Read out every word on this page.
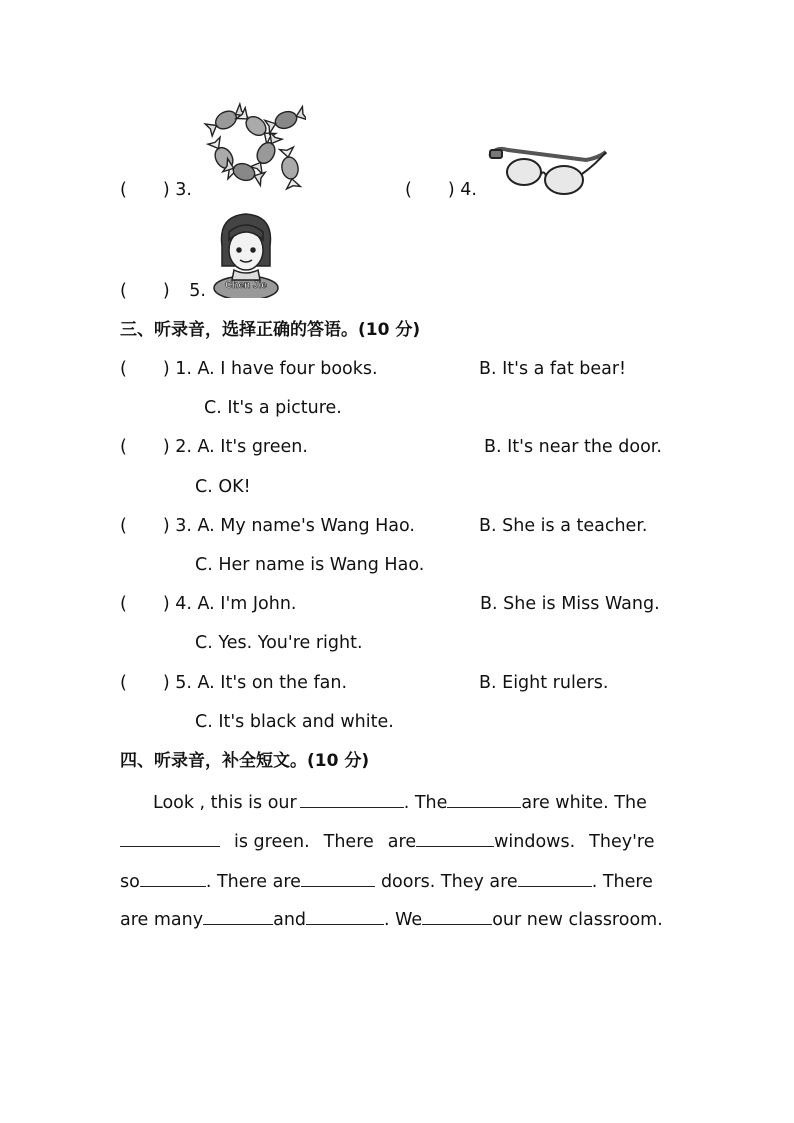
( ) 3.	( ) 4.
( ) 5.	Chen Jie
三、听录音，选择正确的答语。(10 分)
( ) 1. A. I have four books.	B. It's a fat bear!
C. It's a picture.
( ) 2. A. It's green.	B. It's near the door.
C. OK!
( ) 3. A. My name's Wang Hao.	B. She is a teacher.
C. Her name is Wang Hao.
( ) 4. A. I'm John.	B. She is Miss Wang.
C. Yes. You're right.
( ) 5. A. It's on the fan.	B. Eight rulers.
C. It's black and white.
四、听录音，补全短文。(10 分)
Look , this is our	. The	are white. The
is green. There are	windows. They're
so	. There are	doors. They are	. There
are many	and	. We	our new classroom.
